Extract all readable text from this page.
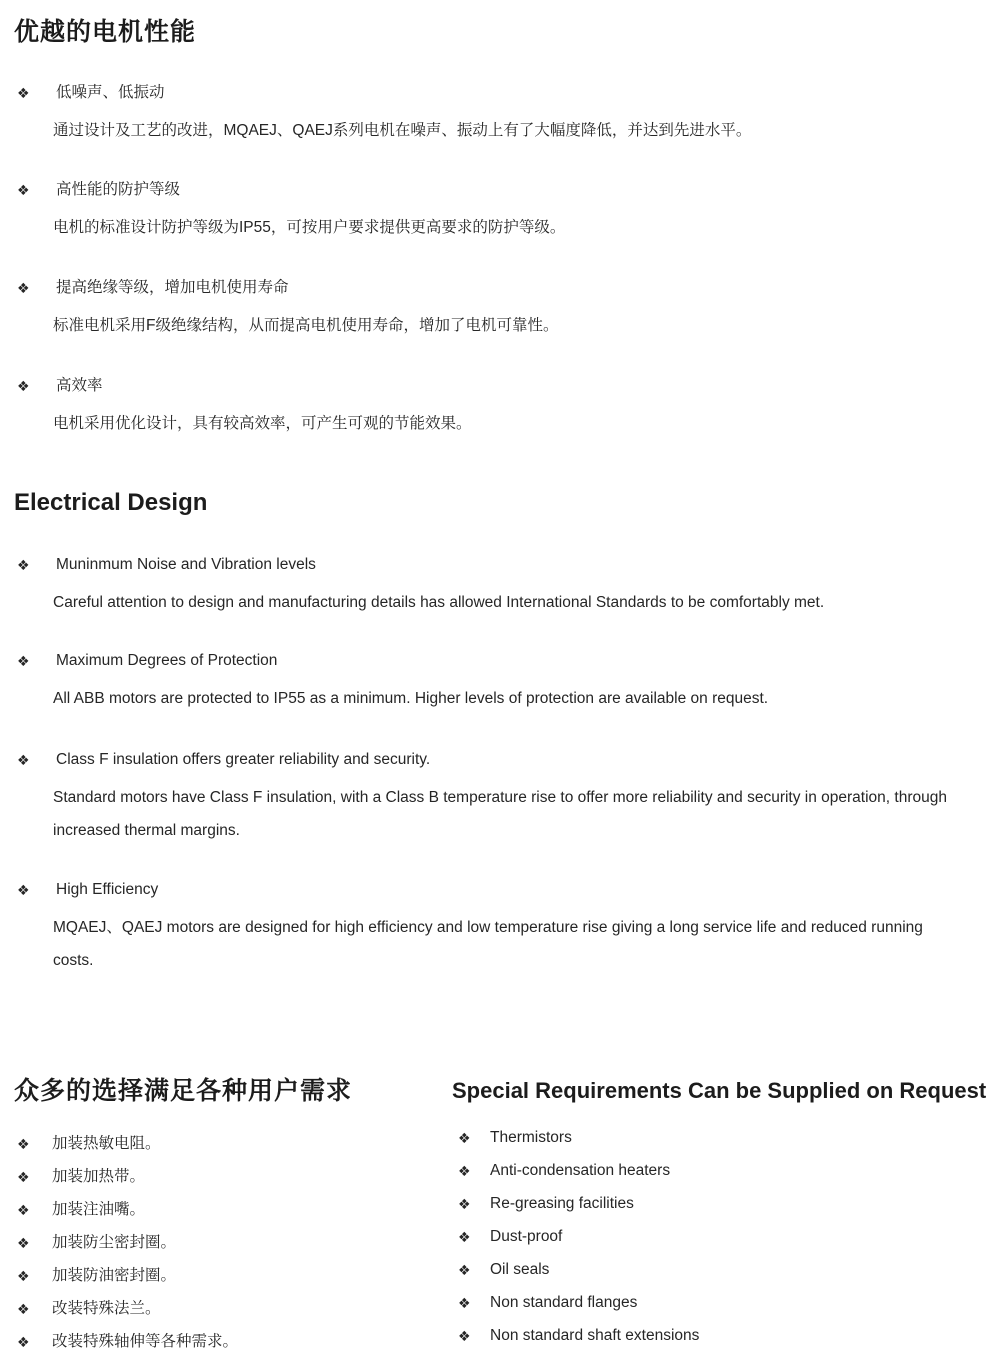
优越的电机性能
❖	低噪声、低振动
通过设计及工艺的改进，MQAEJ、QAEJ系列电机在噪声、振动上有了大幅度降低，并达到先进水平。
❖	高性能的防护等级
电机的标准设计防护等级为IP55，可按用户要求提供更高要求的防护等级。
❖	提高绝缘等级，增加电机使用寿命
标准电机采用F级绝缘结构，从而提高电机使用寿命，增加了电机可靠性。
❖	高效率
电机采用优化设计，具有较高效率，可产生可观的节能效果。
Electrical Design
❖	Muninmum Noise and Vibration levels
Careful attention to design and manufacturing details has allowed International Standards to be comfortably met.
❖	Maximum Degrees of Protection
All ABB motors are protected to IP55 as a minimum. Higher levels of protection are available on request.
❖	Class F insulation offers greater reliability and security.
Standard motors have Class F insulation, with a Class B temperature rise to offer more reliability and security in operation, through increased thermal margins.
❖	High Efficiency
MQAEJ、QAEJ motors are designed for high efficiency and low temperature rise giving a long service life and reduced running costs.
众多的选择满足各种用户需求
❖	加装热敏电阻。
❖	加装加热带。
❖	加装注油嘴。
❖	加装防尘密封圈。
❖	加装防油密封圈。
❖	改装特殊法兰。
❖	改装特殊轴伸等各种需求。
Special Requirements Can be Supplied on Request
❖	Thermistors
❖	Anti-condensation heaters
❖	Re-greasing facilities
❖	Dust-proof
❖	Oil seals
❖	Non standard flanges
❖	Non standard shaft extensions
